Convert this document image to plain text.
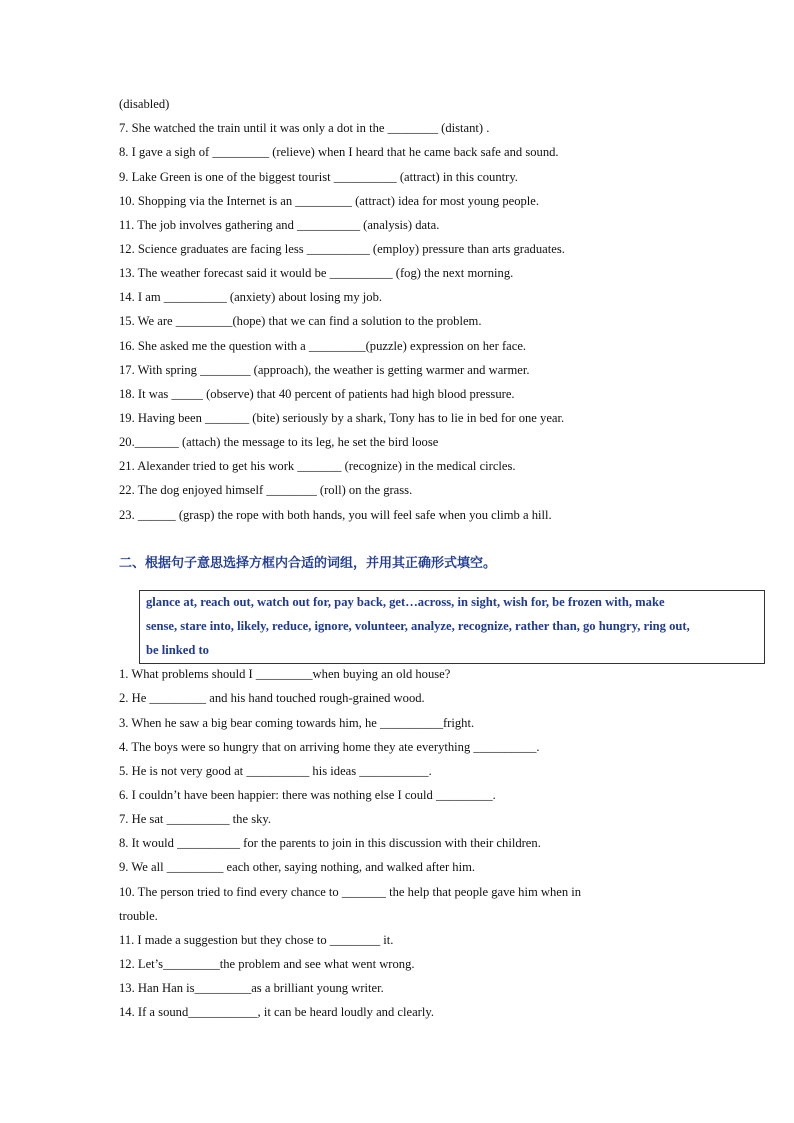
(disabled)
7. She watched the train until it was only a dot in the ________ (distant) .
8. I gave a sigh of _________ (relieve) when I heard that he came back safe and sound.
9. Lake Green is one of the biggest tourist __________ (attract) in this country.
10. Shopping via the Internet is an _________ (attract) idea for most young people.
11. The job involves gathering and __________ (analysis) data.
12. Science graduates are facing less __________ (employ) pressure than arts graduates.
13. The weather forecast said it would be __________ (fog) the next morning.
14. I am __________ (anxiety) about losing my job.
15. We are _________(hope) that we can find a solution to the problem.
16. She asked me the question with a _________(puzzle) expression on her face.
17. With spring ________ (approach), the weather is getting warmer and warmer.
18. It was _____ (observe) that 40 percent of patients had high blood pressure.
19. Having been _______ (bite) seriously by a shark, Tony has to lie in bed for one year.
20._______ (attach) the message to its leg, he set the bird loose
21. Alexander tried to get his work _______ (recognize) in the medical circles.
22. The dog enjoyed himself ________ (roll) on the grass.
23. ______ (grasp) the rope with both hands, you will feel safe when you climb a hill.
二、根据句子意思选择方框内合适的词组，并用其正确形式填空。
glance at, reach out, watch out for, pay back, get…across, in sight, wish for, be frozen with, make
sense, stare into, likely, reduce, ignore, volunteer, analyze, recognize, rather than, go hungry, ring out,
be linked to
1. What problems should I _________when buying an old house?
2. He _________ and his hand touched rough-grained wood.
3. When he saw a big bear coming towards him, he __________fright.
4. The boys were so hungry that on arriving home they ate everything __________.
5. He is not very good at __________ his ideas ___________.
6. I couldn’t have been happier: there was nothing else I could _________.
7. He sat __________ the sky.
8. It would __________ for the parents to join in this discussion with their children.
9. We all _________ each other, saying nothing, and walked after him.
10. The person tried to find every chance to _______ the help that people gave him when in
trouble.
11. I made a suggestion but they chose to ________ it.
12. Let’s_________the problem and see what went wrong.
13. Han Han is_________as a brilliant young writer.
14. If a sound___________, it can be heard loudly and clearly.
